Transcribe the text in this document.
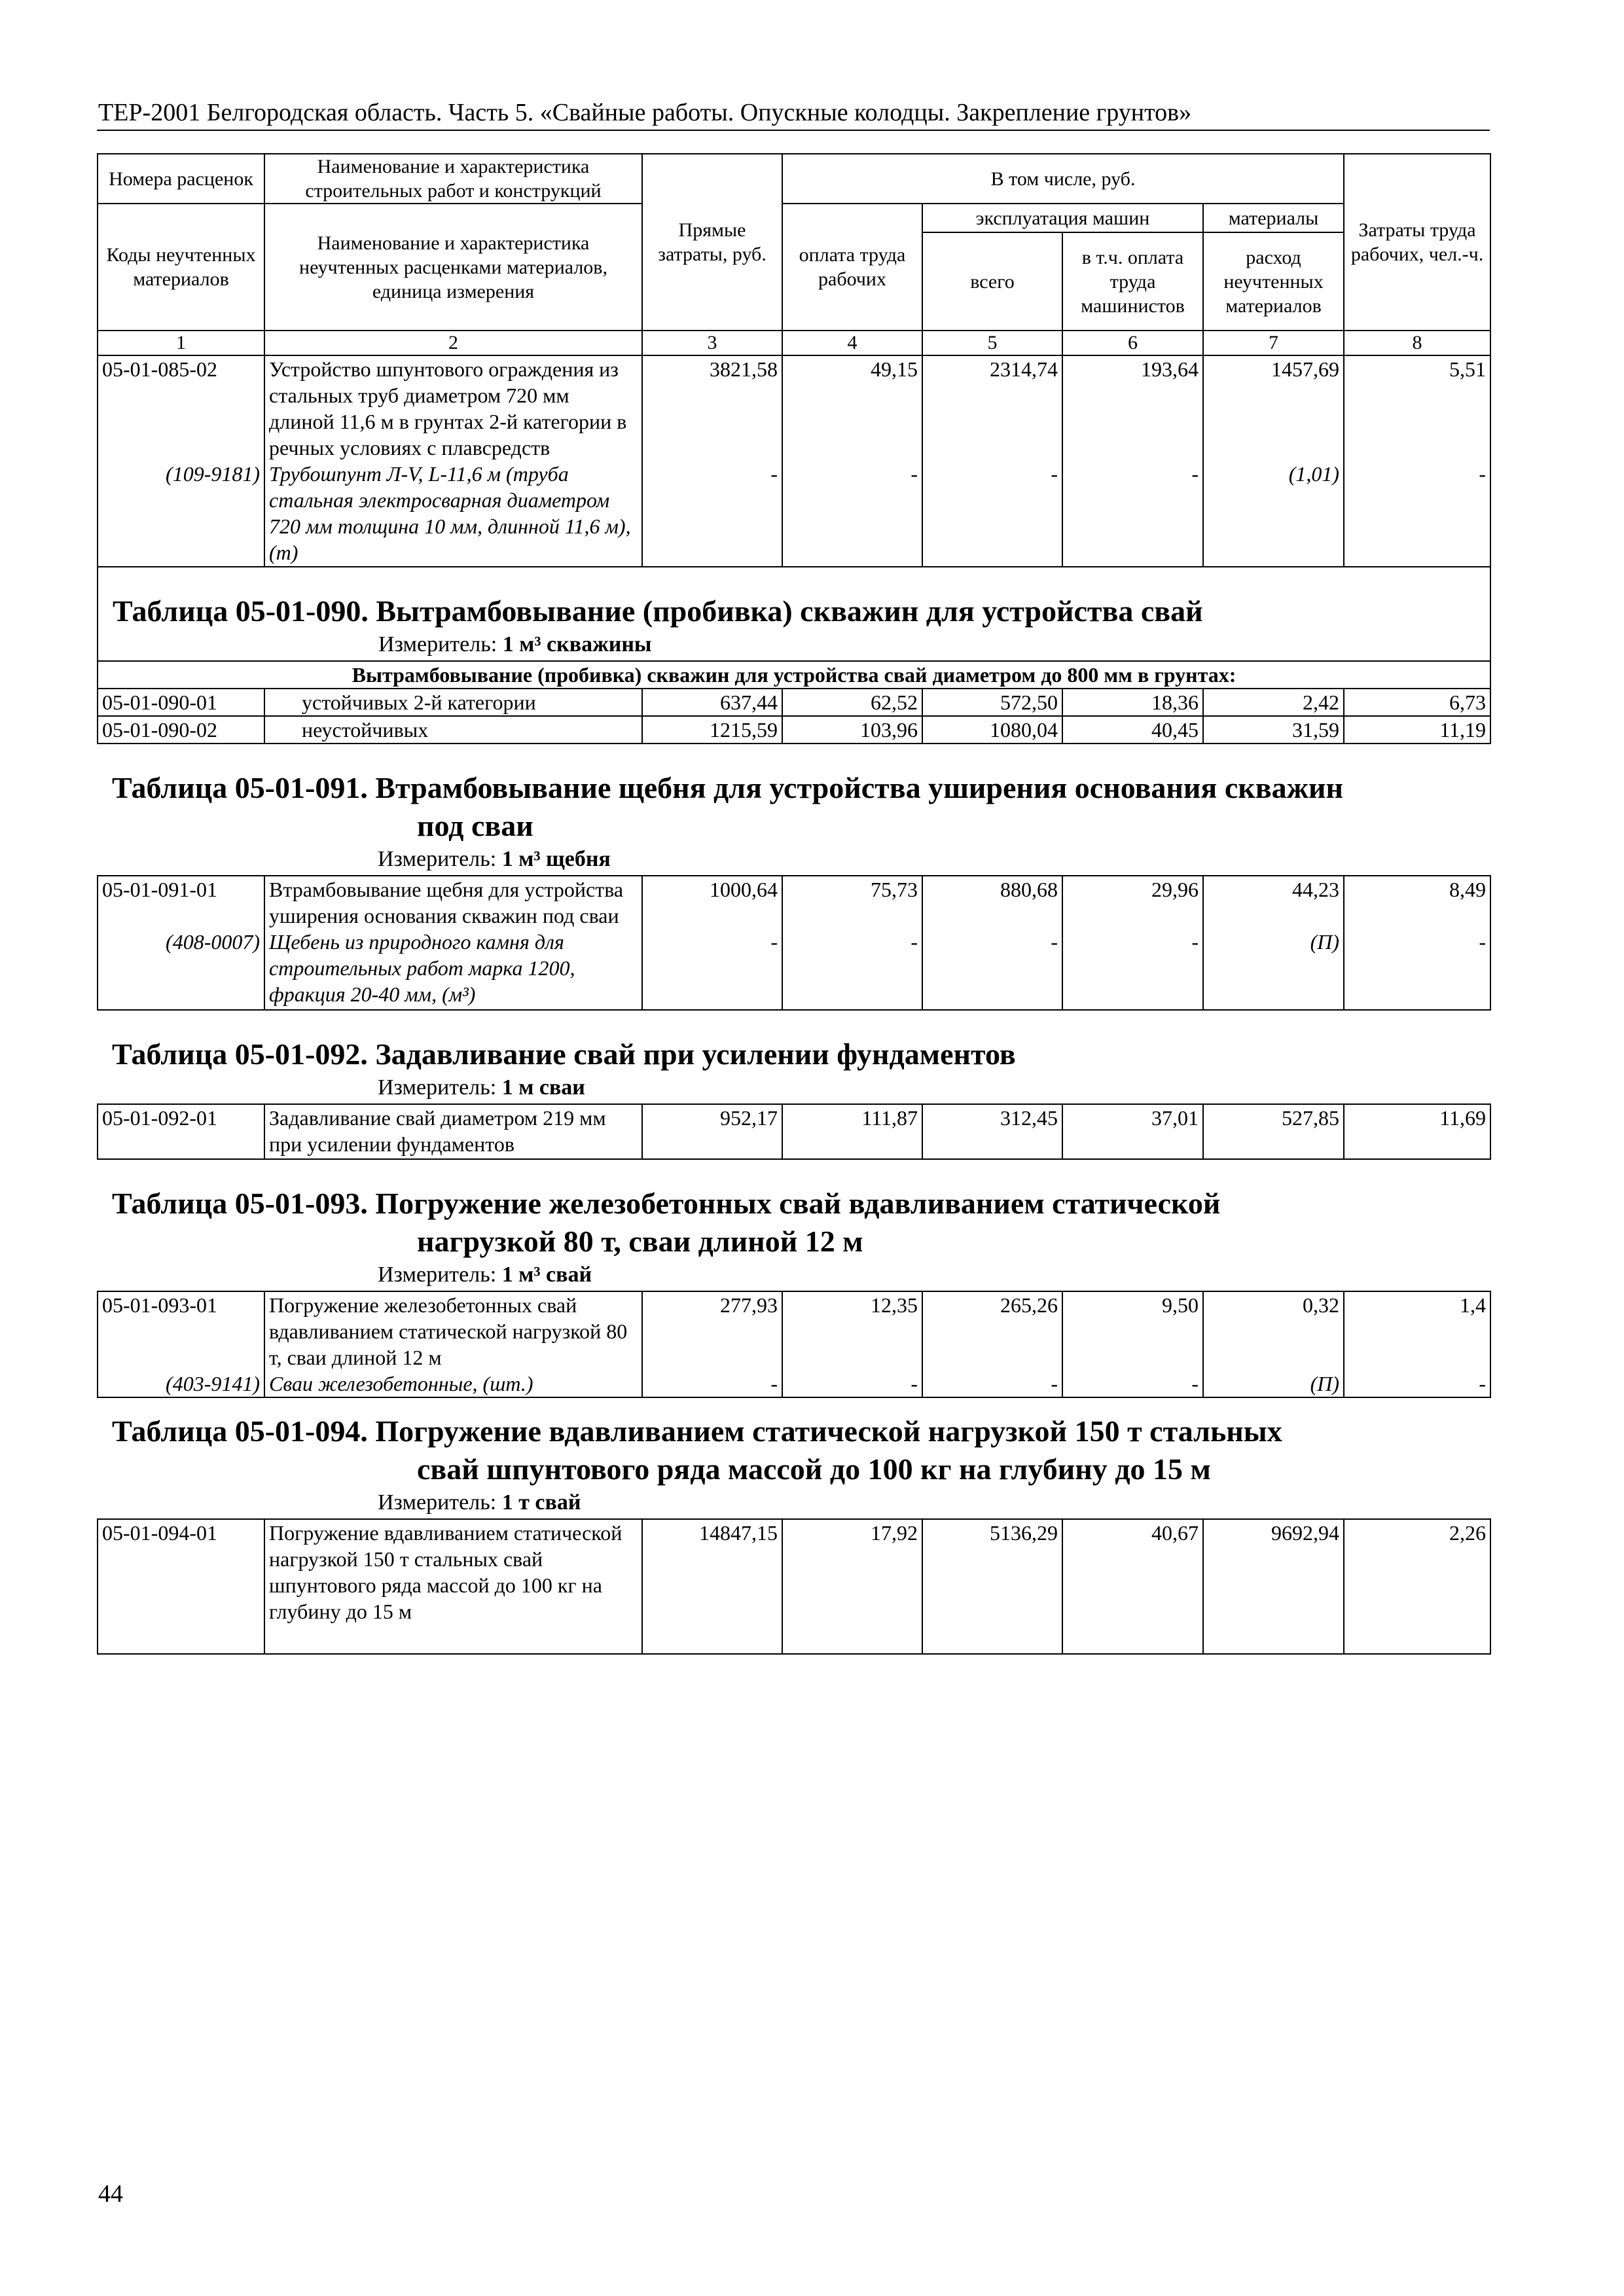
ТЕР-2001 Белгородская область. Часть 5. «Свайные работы. Опускные колодцы. Закрепление грунтов»
Номера расценок	Наименование и характеристика строительных работ и конструкций	Прямые затраты, руб.	В том числе, руб.				Затраты труда рабочих, чел.-ч.
Коды неучтенных материалов	Наименование и характеристика неучтенных расценками материалов, единица измерения		оплата труда рабочих	эксплуатация машин		материалы	
				всего	в т.ч. оплата труда машинистов	расход неучтенных материалов	
1	2	3	4	5	6	7	8
05-01-085-02	Устройство шпунтового ограждения из стальных труб диаметром 720 мм длиной 11,6 м в грунтах 2-й категории в речных условиях с плавсредств	3821,58	49,15	2314,74	193,64	1457,69	5,51
(109-9181)	Трубошпунт Л-V, L-11,6 м (труба стальная электросварная диаметром 720 мм толщина 10 мм, длинной 11,6 м), (т)	-	-	-	-	(1,01)	-

Таблица 05-01-090. Вытрамбовывание (пробивка) скважин для устройства свай							

Измеритель: 1 м³ скважины							
Вытрамбовывание (пробивка) скважин для устройства свай диаметром до 800 мм в грунтах:							
05-01-090-01	устойчивых 2-й категории	637,44	62,52	572,50	18,36	2,42	6,73
05-01-090-02	неустойчивых	1215,59	103,96	1080,04	40,45	31,59	11,19

Таблица 05-01-091. Втрамбовывание щебня для устройства уширения основания скважин
под сваи							

Измеритель: 1 м³ щебня							
05-01-091-01	Втрамбовывание щебня для устройства уширения основания скважин под сваи	1000,64	75,73	880,68	29,96	44,23	8,49
(408-0007)	Щебень из природного камня для строительных работ марка 1200, фракция 20-40 мм, (м³)	-	-	-	-	(П)	-

Таблица 05-01-092. Задавливание свай при усилении фундаментов							

Измеритель: 1 м сваи							
05-01-092-01	Задавливание свай диаметром 219 мм при усилении фундаментов	952,17	111,87	312,45	37,01	527,85	11,69

Таблица 05-01-093. Погружение железобетонных свай вдавливанием статической
нагрузкой 80 т, сваи длиной 12 м							

Измеритель: 1 м³ свай							
05-01-093-01	Погружение железобетонных свай вдавливанием статической нагрузкой 80 т, сваи длиной 12 м	277,93	12,35	265,26	9,50	0,32	1,4
(403-9141)	Сваи железобетонные, (шт.)	-	-	-	-	(П)	-

Таблица 05-01-094. Погружение вдавливанием статической нагрузкой 150 т стальных
свай шпунтового ряда массой до 100 кг на глубину до 15 м							

Измеритель: 1 т свай							
05-01-094-01	Погружение вдавливанием статической нагрузкой 150 т стальных свай шпунтового ряда массой до 100 кг на глубину до 15 м	14847,15	17,92	5136,29	40,67	9692,94	2,26
44
